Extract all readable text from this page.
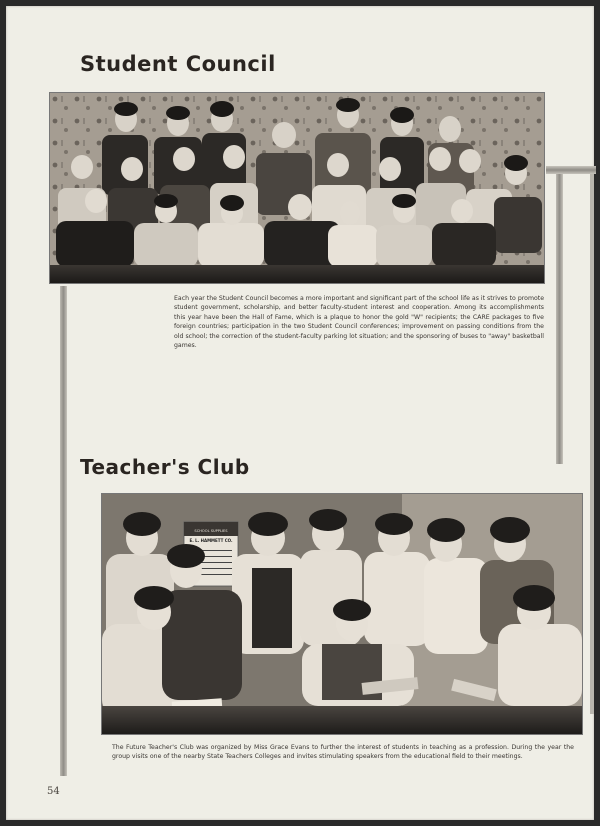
Student Council

Each year the Student Council becomes a more important and significant part of the school life as it strives to promote student government, scholarship, and better faculty-student interest and cooperation. Among its accomplishments this year have been the Hall of Fame, which is a plaque to honor the gold "W" recipients; the CARE packages to five foreign countries; participation in the two Student Council conferences; improvement on passing conditions from the old school; the correction of the student-faculty parking lot situation; and the sponsoring of buses to "away" basketball games.

Teacher's Club
SCHOOL SUPPLIES
E. L. HAMMETT CO.

The Future Teacher's Club was organized by Miss Grace Evans to further the interest of students in teaching as a profession. During the year the group visits one of the nearby State Teachers Colleges and invites stimulating speakers from the educational field to their meetings.

54
